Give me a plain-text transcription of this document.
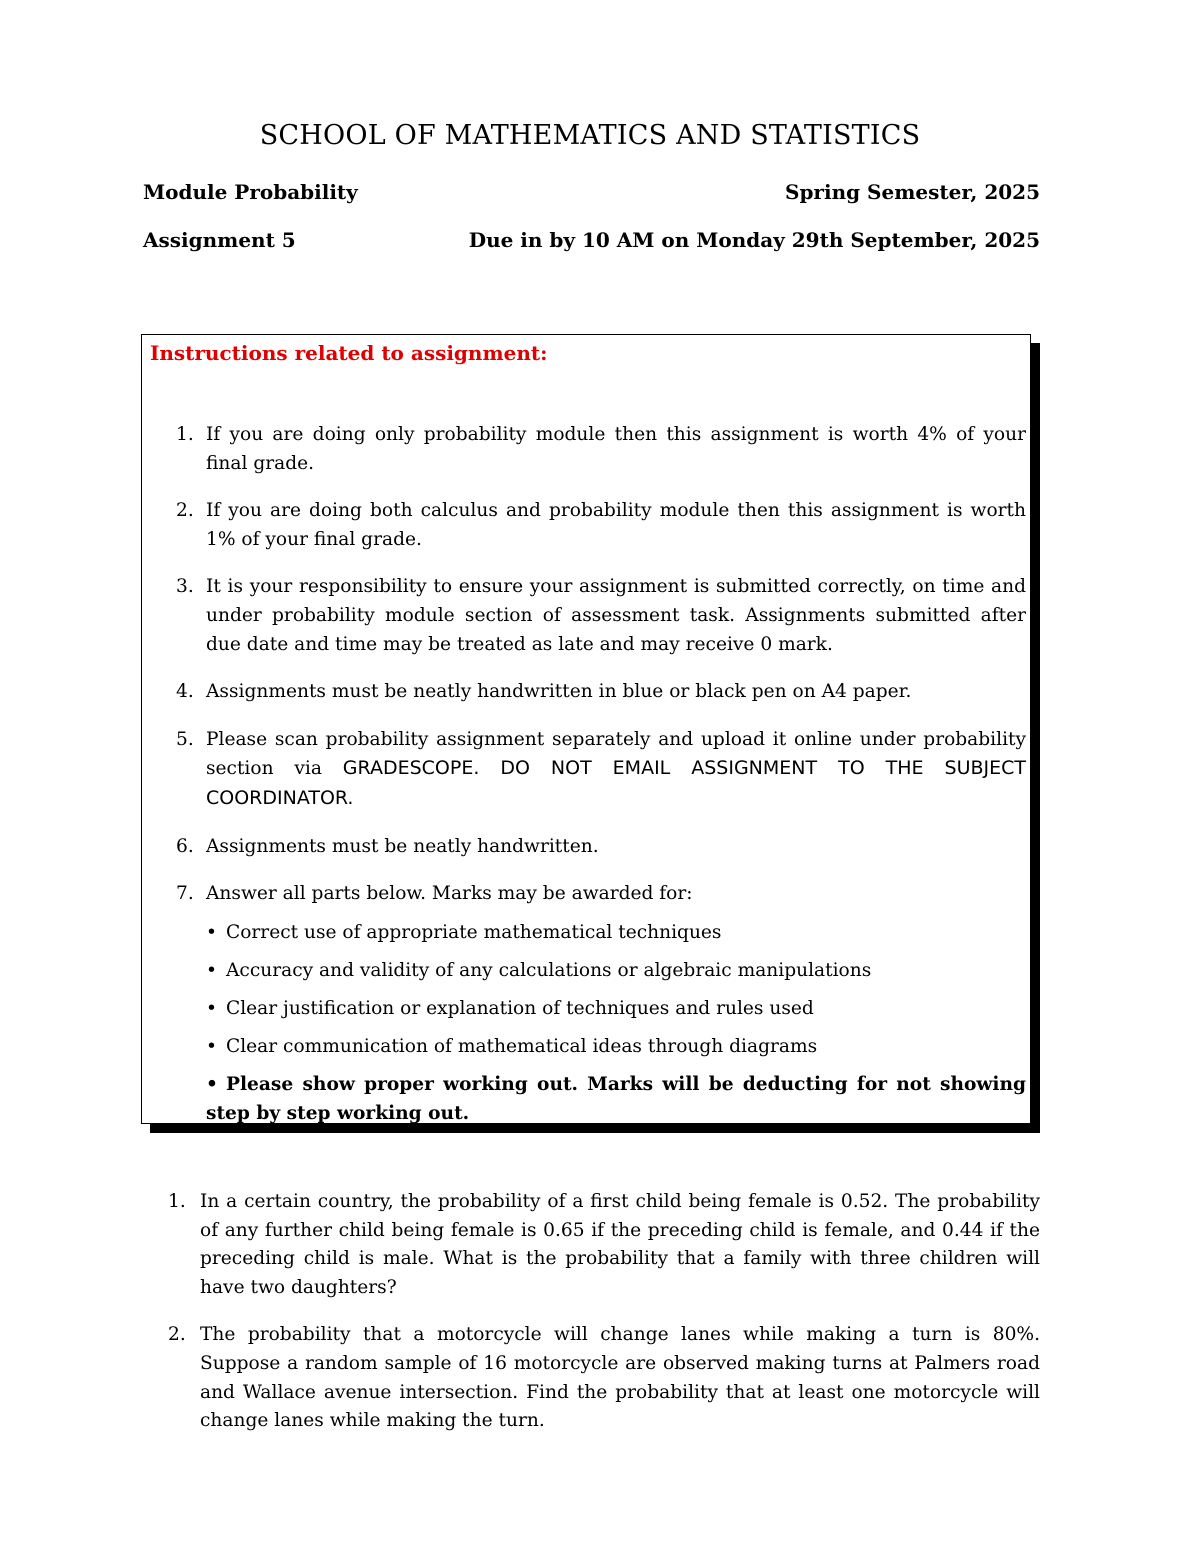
SCHOOL OF MATHEMATICS AND STATISTICS
Module Probability	Spring Semester, 2025
Assignment 5	Due in by 10 AM on Monday 29th September, 2025
Instructions related to assignment:
1. If you are doing only probability module then this assignment is worth 4% of your final grade.
2. If you are doing both calculus and probability module then this assignment is worth 1% of your final grade.
3. It is your responsibility to ensure your assignment is submitted correctly, on time and under probability module section of assessment task. Assignments submitted after due date and time may be treated as late and may receive 0 mark.
4. Assignments must be neatly handwritten in blue or black pen on A4 paper.
5. Please scan probability assignment separately and upload it online under probability section via GRADESCOPE. DO NOT EMAIL ASSIGNMENT TO THE SUBJECT COORDINATOR.
6. Assignments must be neatly handwritten.
7. Answer all parts below. Marks may be awarded for:
• Correct use of appropriate mathematical techniques
• Accuracy and validity of any calculations or algebraic manipulations
• Clear justification or explanation of techniques and rules used
• Clear communication of mathematical ideas through diagrams
• Please show proper working out. Marks will be deducting for not showing step by step working out.
1. In a certain country, the probability of a first child being female is 0.52. The probability of any further child being female is 0.65 if the preceding child is female, and 0.44 if the preceding child is male. What is the probability that a family with three children will have two daughters?
2. The probability that a motorcycle will change lanes while making a turn is 80%. Suppose a random sample of 16 motorcycle are observed making turns at Palmers road and Wallace avenue intersection. Find the probability that at least one motorcycle will change lanes while making the turn.
